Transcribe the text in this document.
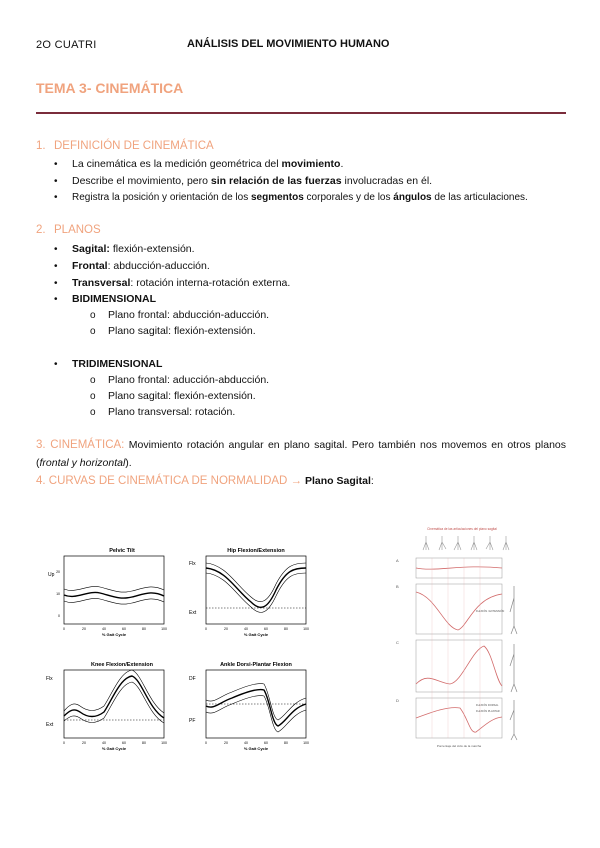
2O CUATRI	ANÁLISIS DEL MOVIMIENTO HUMANO
TEMA 3- CINEMÁTICA
1. DEFINICIÓN DE CINEMÁTICA
• La cinemática es la medición geométrica del movimiento.
• Describe el movimiento, pero sin relación de las fuerzas involucradas en él.
• Registra la posición y orientación de los segmentos corporales y de los ángulos de las articulaciones.
2. PLANOS
• Sagital: flexión-extensión.
• Frontal: abducción-aducción.
• Transversal: rotación interna-rotación externa.
• BIDIMENSIONAL
o Plano frontal: abducción-aducción.
o Plano sagital: flexión-extensión.
• TRIDIMENSIONAL
o Plano frontal: aducción-abducción.
o Plano sagital: flexión-extensión.
o Plano transversal: rotación.
3. CINEMÁTICA: Movimiento rotación angular en plano sagital. Pero también nos movemos en otros planos (frontal y horizontal).
4. CURVAS DE CINEMÁTICA DE NORMALIDAD → Plano Sagital:
Pelvic Tilt
Up 20
10
0
0	20	40	60	80	100
% Gait Cycle
Hip Flexion/Extension
Flx
Ext
0	20	40	60	80	100
% Gait Cycle
Knee Flexion/Extension
Flx
Ext
0	20	40	60	80	100
% Gait Cycle
Ankle Dorsi-Plantar Flexion
DF
PF
0	20	40	60	80	100
% Gait Cycle
Cinemática de las articulaciones del plano sagital
A
B
FLEXIÓN / EXTENSIÓN
C
D
FLEXIÓN DORSAL
FLEXIÓN PLANTAR
Porcentaje del ciclo de la marcha
